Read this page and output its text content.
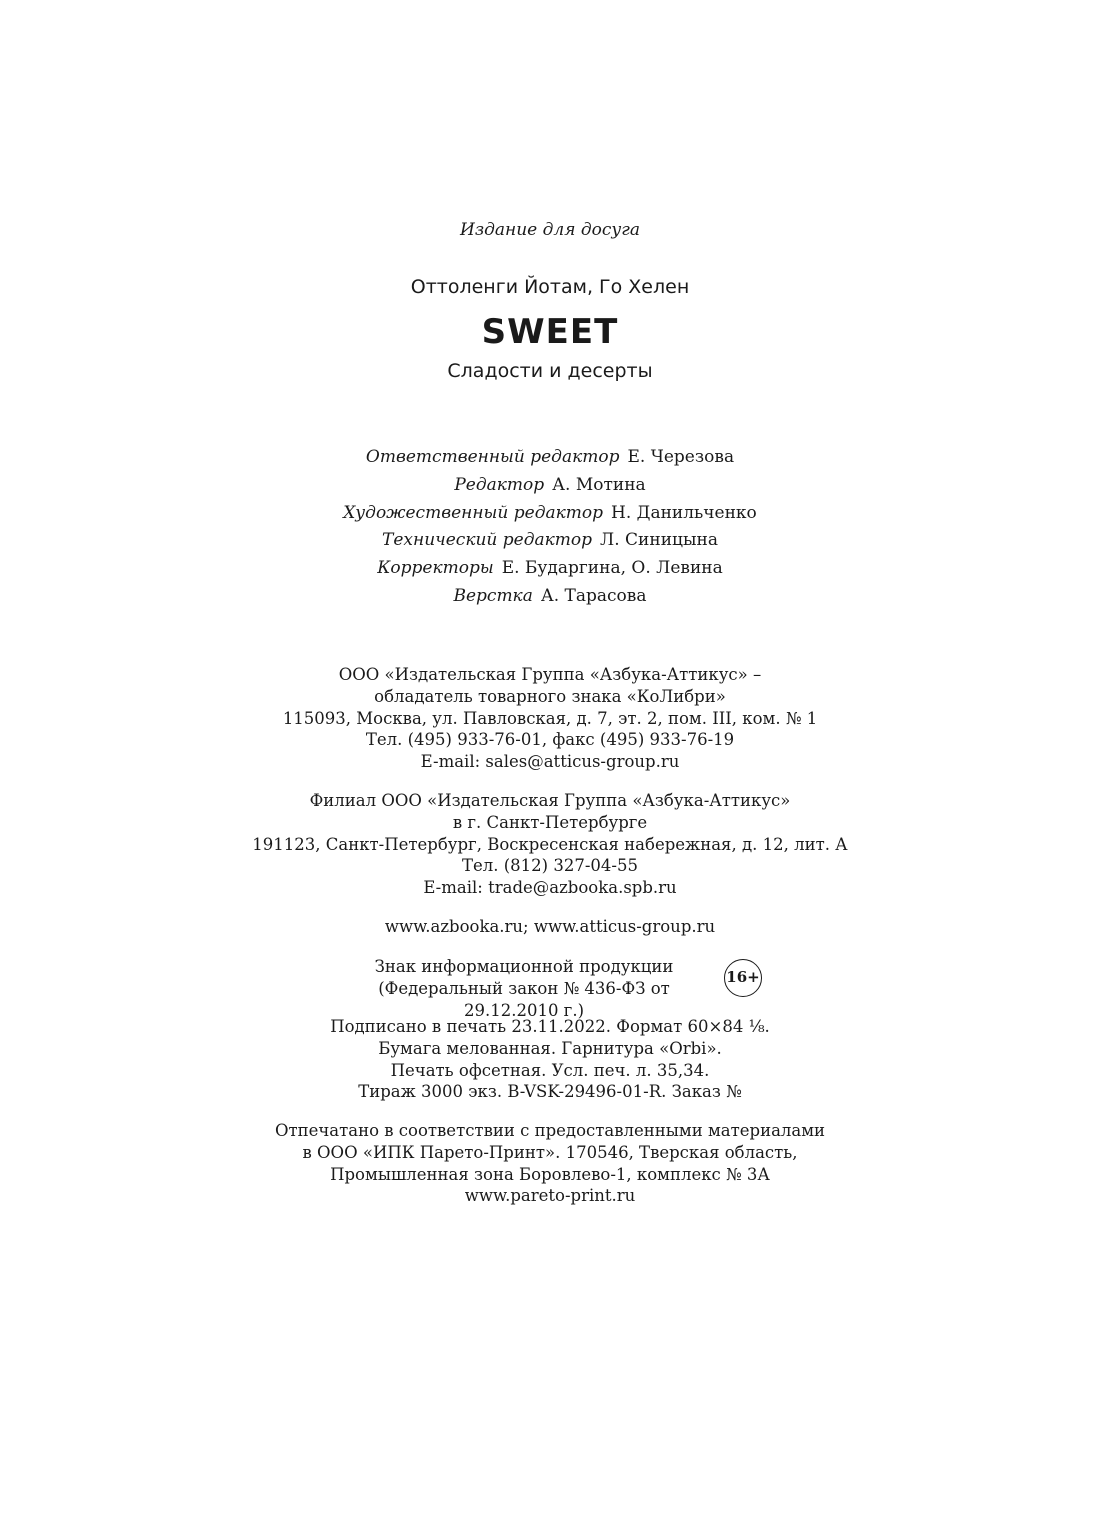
Издание для досуга
Оттоленги Йотам, Го Хелен
SWEET
Сладости и десерты
Ответственный редактор Е. Черезова
Редактор А. Мотина
Художественный редактор Н. Данильченко
Технический редактор Л. Синицына
Корректоры Е. Бударгина, О. Левина
Верстка А. Тарасова
ООО «Издательская Группа «Азбука-Аттикус» –
обладатель товарного знака «КоЛибри»
115093, Москва, ул. Павловская, д. 7, эт. 2, пом. III, ком. № 1
Тел. (495) 933-76-01, факс (495) 933-76-19
E-mail: sales@atticus-group.ru
Филиал ООО «Издательская Группа «Азбука-Аттикус»
в г. Санкт-Петербурге
191123, Санкт-Петербург, Воскресенская набережная, д. 12, лит. А
Тел. (812) 327-04-55
E-mail: trade@azbooka.spb.ru
www.azbooka.ru; www.atticus-group.ru
Знак информационной продукции
(Федеральный закон № 436-ФЗ от 29.12.2010 г.)
16+
Подписано в печать 23.11.2022. Формат 60×84 ¹⁄₈.
Бумага мелованная. Гарнитура «Orbi».
Печать офсетная. Усл. печ. л. 35,34.
Тираж 3000 экз. B-VSK-29496-01-R. Заказ №
Отпечатано в соответствии с предоставленными материалами
в ООО «ИПК Парето-Принт». 170546, Тверская область,
Промышленная зона Боровлево-1, комплекс № 3А
www.pareto-print.ru
